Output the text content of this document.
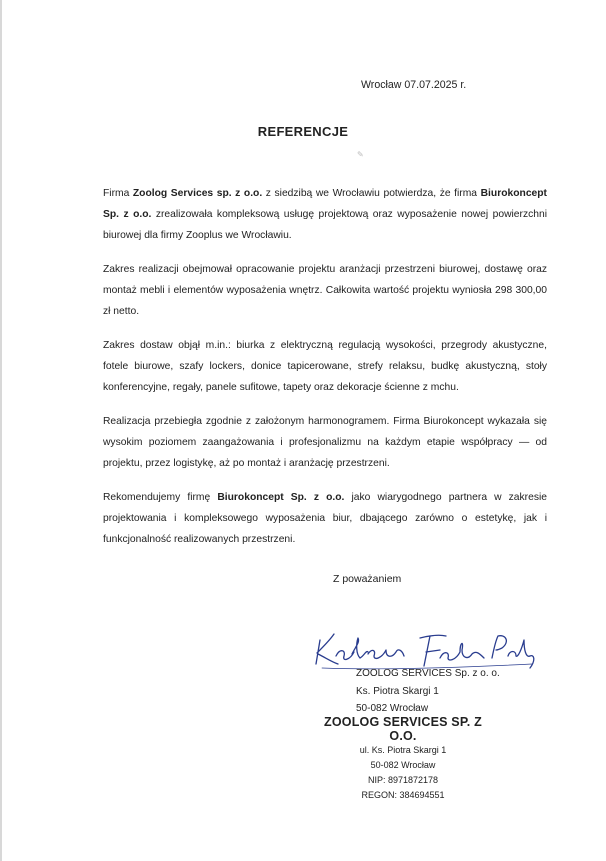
Wrocław 07.07.2025 r.
REFERENCJE
✎

Firma Zoolog Services sp. z o.o. z siedzibą we Wrocławiu potwierdza, że firma Biurokoncept Sp. z o.o. zrealizowała kompleksową usługę projektową oraz wyposażenie nowej powierzchni biurowej dla firmy Zooplus we Wrocławiu.

Zakres realizacji obejmował opracowanie projektu aranżacji przestrzeni biurowej, dostawę oraz montaż mebli i elementów wyposażenia wnętrz. Całkowita wartość projektu wyniosła 298 300,00 zł netto.

Zakres dostaw objął m.in.: biurka z elektryczną regulacją wysokości, przegrody akustyczne, fotele biurowe, szafy lockers, donice tapicerowane, strefy relaksu, budkę akustyczną, stoły konferencyjne, regały, panele sufitowe, tapety oraz dekoracje ścienne z mchu.

Realizacja przebiegła zgodnie z założonym harmonogramem. Firma Biurokoncept wykazała się wysokim poziomem zaangażowania i profesjonalizmu na każdym etapie współpracy — od projektu, przez logistykę, aż po montaż i aranżację przestrzeni.

Rekomendujemy firmę Biurokoncept Sp. z o.o. jako wiarygodnego partnera w zakresie projektowania i kompleksowego wyposażenia biur, dbającego zarówno o estetykę, jak i funkcjonalność realizowanych przestrzeni.

Z poważaniem
ZOOLOG SERVICES Sp. z o. o.
Ks. Piotra Skargi 1
50-082 Wrocław
ZOOLOG SERVICES SP. Z O.O.
ul. Ks. Piotra Skargi 1
50-082 Wrocław
NIP: 8971872178
REGON: 384694551
